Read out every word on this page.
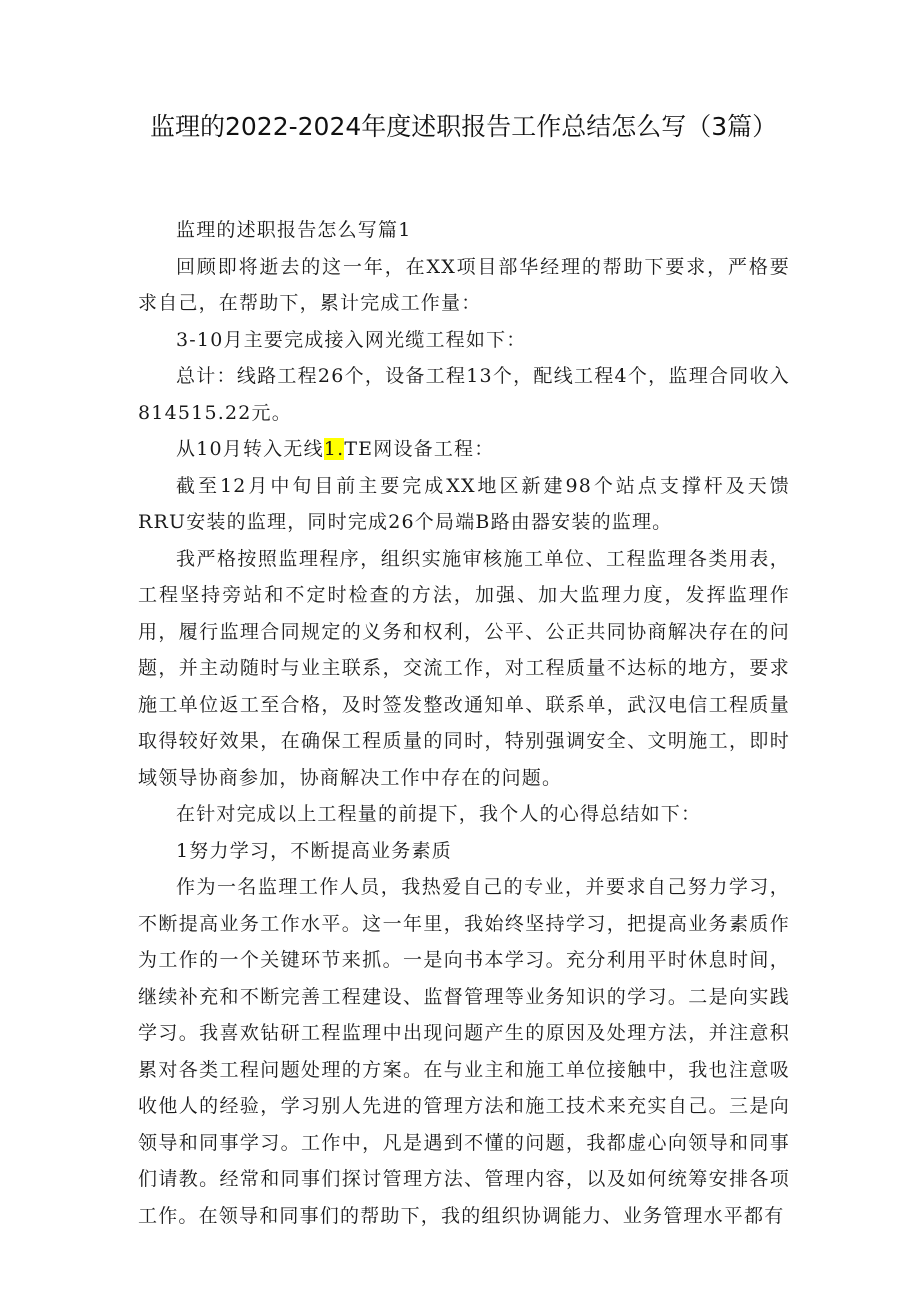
监理的2022-2024年度述职报告工作总结怎么写（3篇）

监理的述职报告怎么写篇1

回顾即将逝去的这一年，在XX项目部华经理的帮助下要求，严格要求自己，在帮助下，累计完成工作量：

3-10月主要完成接入网光缆工程如下：

总计：线路工程26个，设备工程13个，配线工程4个，监理合同收入814515.22元。

从10月转入无线1.TE网设备工程：

截至12月中旬目前主要完成XX地区新建98个站点支撑杆及天馈RRU安装的监理，同时完成26个局端B路由器安装的监理。

我严格按照监理程序，组织实施审核施工单位、工程监理各类用表，工程坚持旁站和不定时检查的方法，加强、加大监理力度，发挥监理作用，履行监理合同规定的义务和权利，公平、公正共同协商解决存在的问题，并主动随时与业主联系，交流工作，对工程质量不达标的地方，要求施工单位返工至合格，及时签发整改通知单、联系单，武汉电信工程质量取得较好效果，在确保工程质量的同时，特别强调安全、文明施工，即时域领导协商参加，协商解决工作中存在的问题。

在针对完成以上工程量的前提下，我个人的心得总结如下：

1努力学习，不断提高业务素质

作为一名监理工作人员，我热爱自己的专业，并要求自己努力学习，不断提高业务工作水平。这一年里，我始终坚持学习，把提高业务素质作为工作的一个关键环节来抓。一是向书本学习。充分利用平时休息时间，继续补充和不断完善工程建设、监督管理等业务知识的学习。二是向实践学习。我喜欢钻研工程监理中出现问题产生的原因及处理方法，并注意积累对各类工程问题处理的方案。在与业主和施工单位接触中，我也注意吸收他人的经验，学习别人先进的管理方法和施工技术来充实自己。三是向领导和同事学习。工作中，凡是遇到不懂的问题，我都虚心向领导和同事们请教。经常和同事们探讨管理方法、管理内容，以及如何统筹安排各项工作。在领导和同事们的帮助下，我的组织协调能力、业务管理水平都有
